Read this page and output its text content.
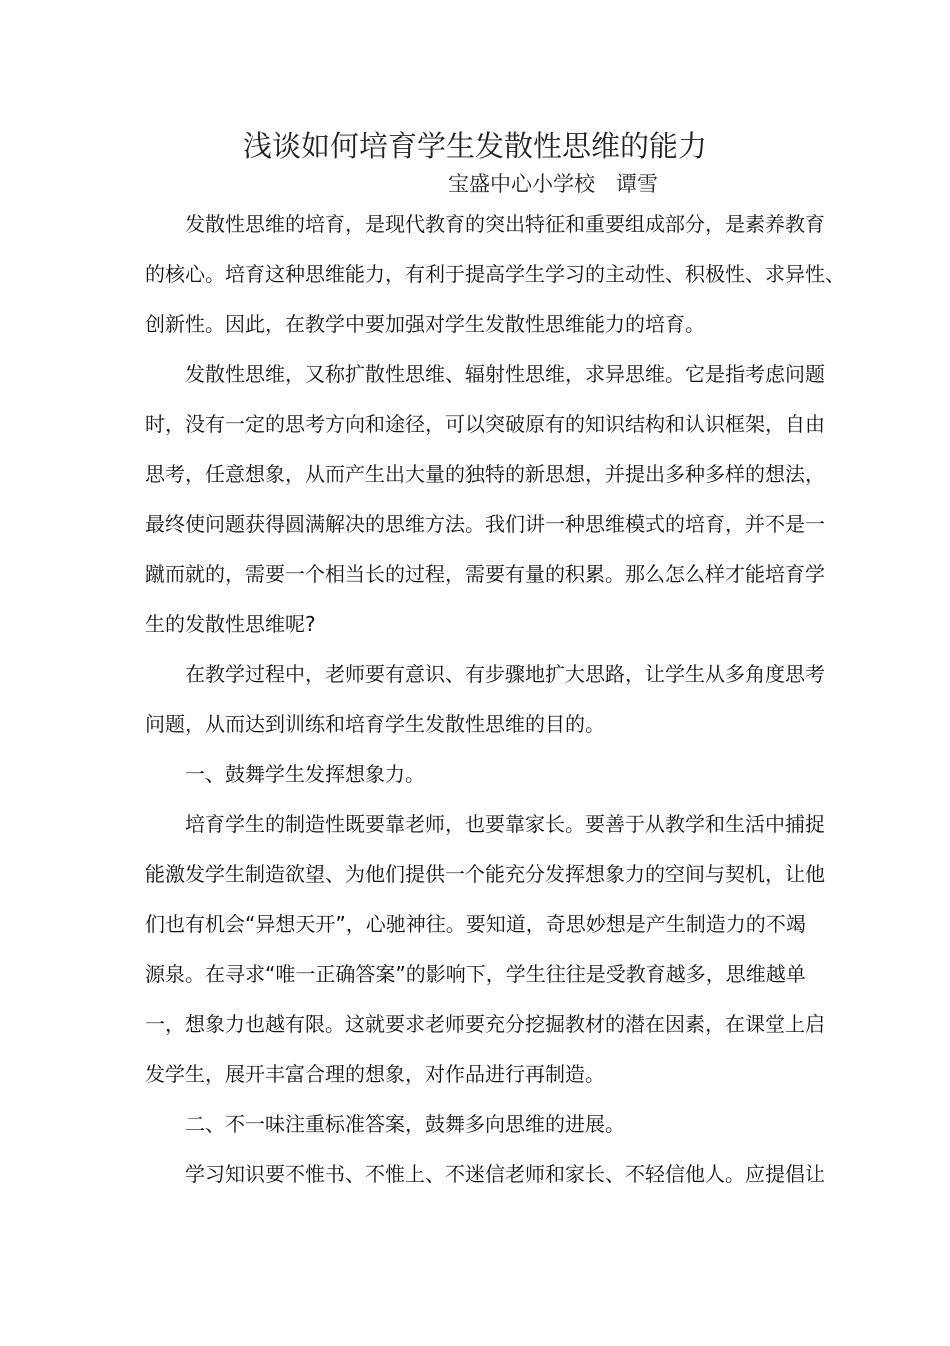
浅谈如何培育学生发散性思维的能力
宝盛中心小学校　谭雪
发散性思维的培育，是现代教育的突出特征和重要组成部分，是素养教育
的核心。培育这种思维能力，有利于提高学生学习的主动性、积极性、求异性、
创新性。因此，在教学中要加强对学生发散性思维能力的培育。
发散性思维，又称扩散性思维、辐射性思维，求异思维。它是指考虑问题
时，没有一定的思考方向和途径，可以突破原有的知识结构和认识框架，自由
思考，任意想象，从而产生出大量的独特的新思想，并提出多种多样的想法，
最终使问题获得圆满解决的思维方法。我们讲一种思维模式的培育，并不是一
蹴而就的，需要一个相当长的过程，需要有量的积累。那么怎么样才能培育学
生的发散性思维呢?
在教学过程中，老师要有意识、有步骤地扩大思路，让学生从多角度思考
问题，从而达到训练和培育学生发散性思维的目的。
一、鼓舞学生发挥想象力。
培育学生的制造性既要靠老师，也要靠家长。要善于从教学和生活中捕捉
能激发学生制造欲望、为他们提供一个能充分发挥想象力的空间与契机，让他
们也有机会“异想天开”，心驰神往。要知道，奇思妙想是产生制造力的不竭
源泉。在寻求“唯一正确答案”的影响下，学生往往是受教育越多，思维越单
一，想象力也越有限。这就要求老师要充分挖掘教材的潜在因素，在课堂上启
发学生，展开丰富合理的想象，对作品进行再制造。
二、不一味注重标准答案，鼓舞多向思维的进展。
学习知识要不惟书、不惟上、不迷信老师和家长、不轻信他人。应提倡让
